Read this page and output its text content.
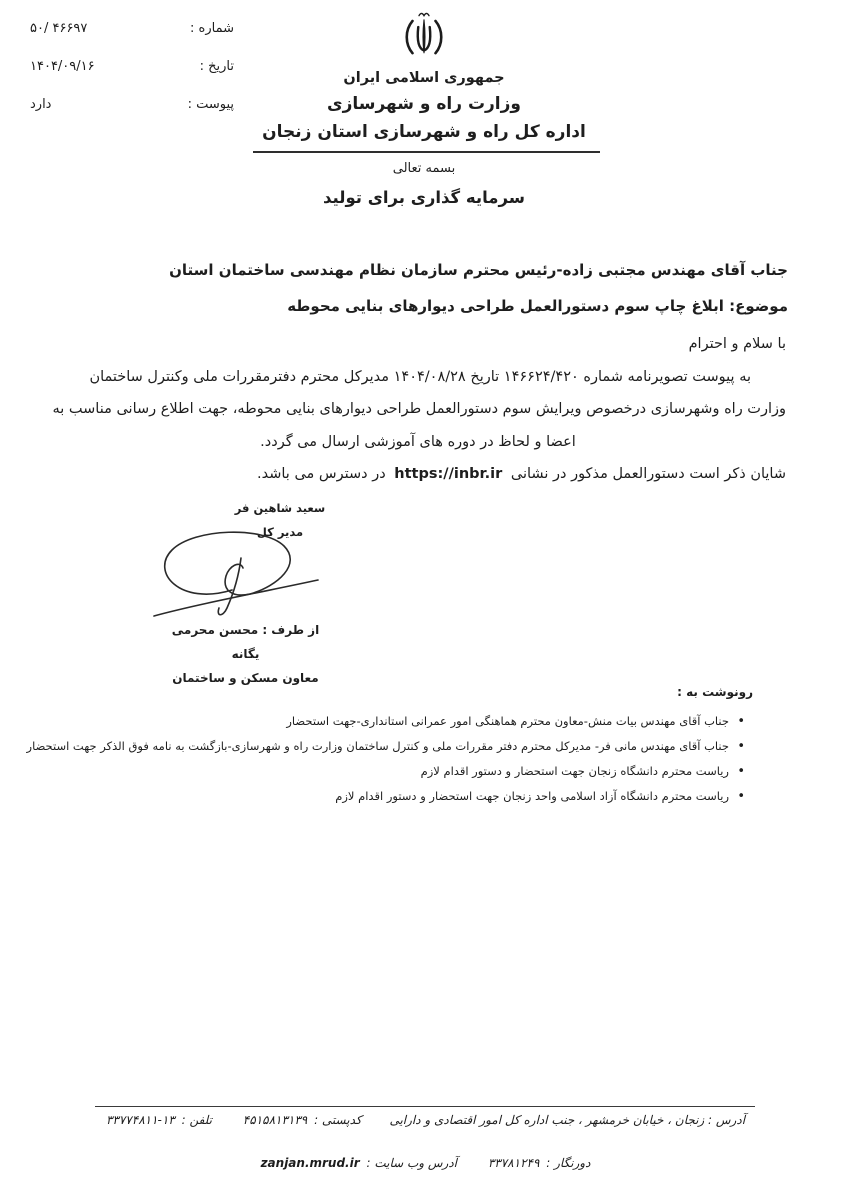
شماره :
۵۰/ ۴۶۶۹۷
تاریخ :
۱۴۰۴/۰۹/۱۶
پیوست :
دارد
جمهوری اسلامی ایران
وزارت راه و شهرسازی
اداره کل راه و شهرسازی استان زنجان
بسمه تعالی
سرمایه گذاری برای تولید
جناب آقای مهندس مجتبی زاده-رئیس محترم سازمان نظام مهندسی ساختمان استان
موضوع: ابلاغ چاپ سوم دستورالعمل طراحی دیوارهای بنایی محوطه
با سلام و احترام
به پیوست تصویرنامه شماره ۱۴۶۶۲۴/۴۲۰ تاریخ ۱۴۰۴/۰۸/۲۸ مدیرکل محترم دفترمقررات ملی وکنترل ساختمان
وزارت راه وشهرسازی درخصوص ویرایش سوم دستورالعمل طراحی دیوارهای بنایی محوطه، جهت اطلاع رسانی مناسب به
اعضا و لحاظ در دوره های آموزشی ارسال می گردد.
شایان ذکر است دستورالعمل مذکور در نشانی https://inbr.ir در دسترس می باشد.
سعید شاهین فر
مدیر کل
از طرف : محسن محرمی یگانه
معاون مسکن و ساختمان
رونوشت به :
•
جناب آقای مهندس بیات منش-معاون محترم هماهنگی امور عمرانی استانداری-جهت استحضار
•
جناب آقای مهندس مانی فر- مدیرکل محترم دفتر مقررات ملی و کنترل ساختمان وزارت راه و شهرسازی-بازگشت به نامه فوق الذکر جهت استحضار
•
ریاست محترم دانشگاه زنجان جهت استحضار و دستور اقدام لازم
•
ریاست محترم دانشگاه آزاد اسلامی واحد زنجان جهت استحضار و دستور اقدام لازم
آدرس : زنجان ، خیابان خرمشهر ، جنب اداره کل امور اقتصادی و دارایی کدپستی : ۴۵۱۵۸۱۳۱۳۹ تلفن : ۳۳۷۷۴۸۱۱-۱۳
دورنگار : ۳۳۷۸۱۲۴۹ آدرس وب سایت : zanjan.mrud.ir
